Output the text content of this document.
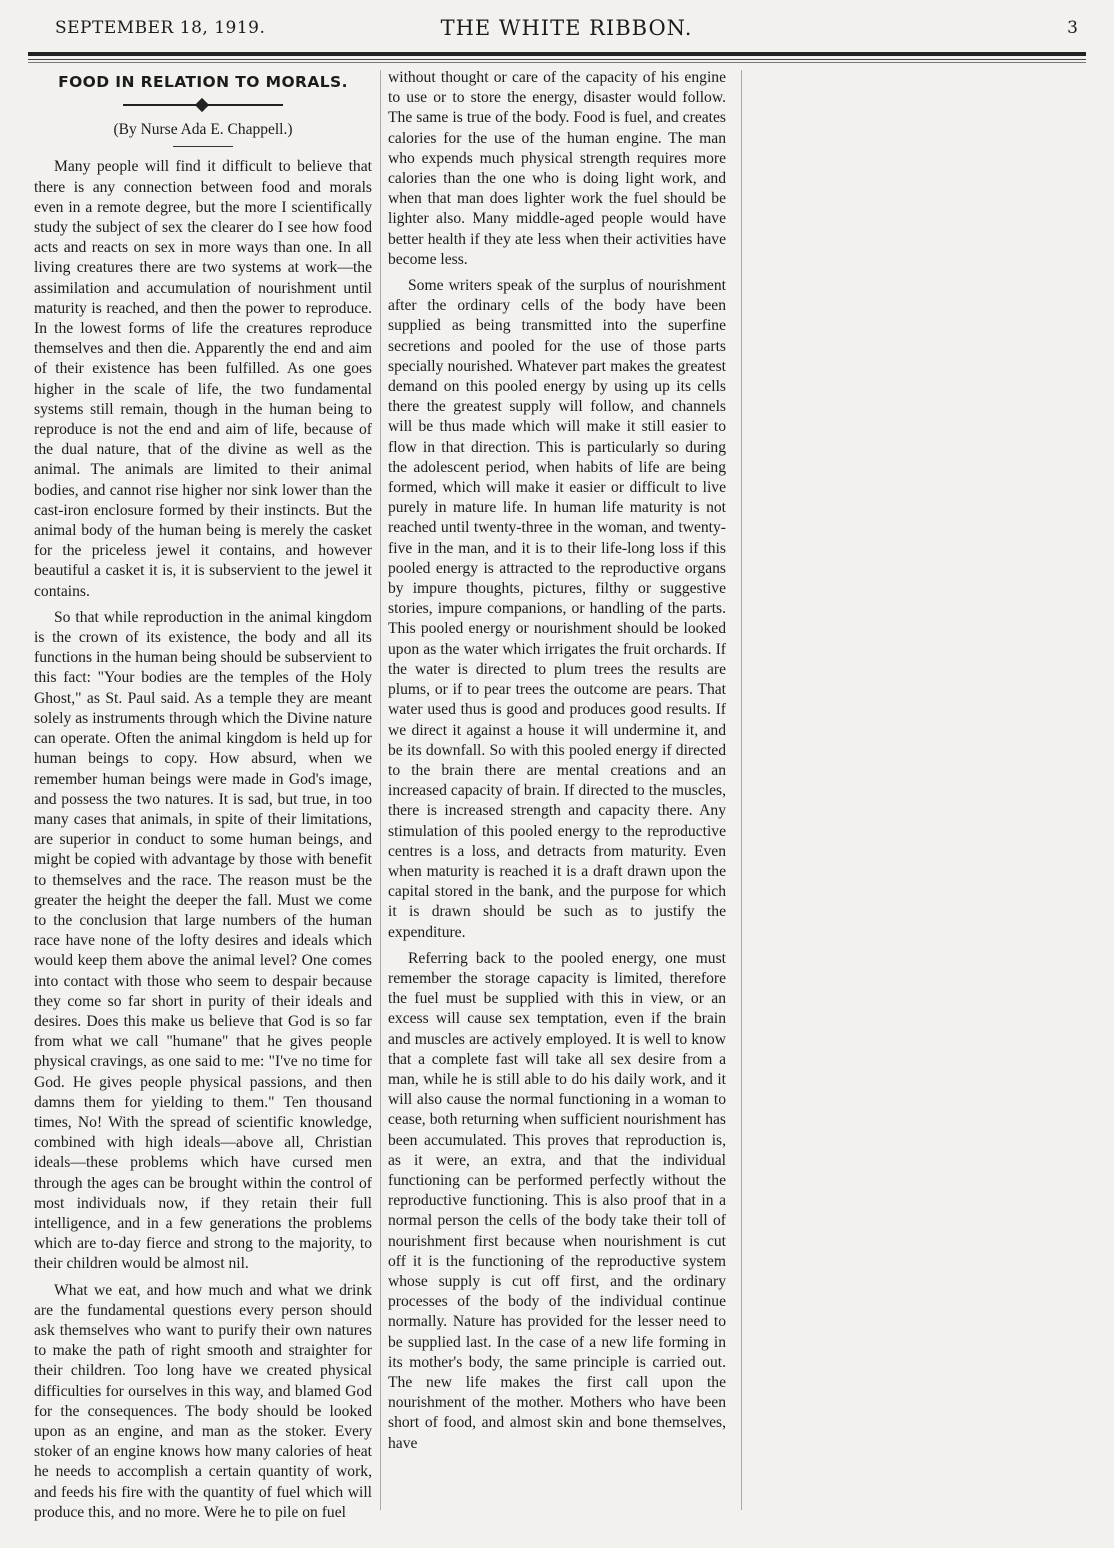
SEPTEMBER 18, 1919.	THE WHITE RIBBON.	3
FOOD IN RELATION TO MORALS.
(By Nurse Ada E. Chappell.)

Many people will find it difficult to believe that there is any connection between food and morals even in a remote degree, but the more I scientifically study the subject of sex the clearer do I see how food acts and reacts on sex in more ways than one. In all living creatures there are two systems at work—the assimilation and accumulation of nourishment until maturity is reached, and then the power to reproduce. In the lowest forms of life the creatures reproduce themselves and then die. Apparently the end and aim of their existence has been fulfilled. As one goes higher in the scale of life, the two fundamental systems still remain, though in the human being to reproduce is not the end and aim of life, because of the dual nature, that of the divine as well as the animal. The animals are limited to their animal bodies, and cannot rise higher nor sink lower than the cast-iron enclosure formed by their instincts. But the animal body of the human being is merely the casket for the priceless jewel it contains, and however beautiful a casket it is, it is subservient to the jewel it contains.

So that while reproduction in the animal kingdom is the crown of its existence, the body and all its functions in the human being should be subservient to this fact: "Your bodies are the temples of the Holy Ghost," as St. Paul said. As a temple they are meant solely as instruments through which the Divine nature can operate. Often the animal kingdom is held up for human beings to copy. How absurd, when we remember human beings were made in God's image, and possess the two natures. It is sad, but true, in too many cases that animals, in spite of their limitations, are superior in conduct to some human beings, and might be copied with advantage by those with benefit to themselves and the race. The reason must be the greater the height the deeper the fall. Must we come to the conclusion that large numbers of the human race have none of the lofty desires and ideals which would keep them above the animal level? One comes into contact with those who seem to despair because they come so far short in purity of their ideals and desires. Does this make us believe that God is so far from what we call "humane" that he gives people physical cravings, as one said to me: "I've no time for God. He gives people physical passions, and then damns them for yielding to them." Ten thousand times, No! With the spread of scientific knowledge, combined with high ideals—above all, Christian ideals—these problems which have cursed men through the ages can be brought within the control of most individuals now, if they retain their full intelligence, and in a few generations the problems which are to-day fierce and strong to the majority, to their children would be almost nil.

What we eat, and how much and what we drink are the fundamental questions every person should ask themselves who want to purify their own natures to make the path of right smooth and straighter for their children. Too long have we created physical difficulties for ourselves in this way, and blamed God for the consequences. The body should be looked upon as an engine, and man as the stoker. Every stoker of an engine knows how many calories of heat he needs to accomplish a certain quantity of work, and feeds his fire with the quantity of fuel which will produce this, and no more. Were he to pile on fuel

without thought or care of the capacity of his engine to use or to store the energy, disaster would follow. The same is true of the body. Food is fuel, and creates calories for the use of the human engine. The man who expends much physical strength requires more calories than the one who is doing light work, and when that man does lighter work the fuel should be lighter also. Many middle-aged people would have better health if they ate less when their activities have become less.

Some writers speak of the surplus of nourishment after the ordinary cells of the body have been supplied as being transmitted into the superfine secretions and pooled for the use of those parts specially nourished. Whatever part makes the greatest demand on this pooled energy by using up its cells there the greatest supply will follow, and channels will be thus made which will make it still easier to flow in that direction. This is particularly so during the adolescent period, when habits of life are being formed, which will make it easier or difficult to live purely in mature life. In human life maturity is not reached until twenty-three in the woman, and twenty-five in the man, and it is to their life-long loss if this pooled energy is attracted to the reproductive organs by impure thoughts, pictures, filthy or suggestive stories, impure companions, or handling of the parts. This pooled energy or nourishment should be looked upon as the water which irrigates the fruit orchards. If the water is directed to plum trees the results are plums, or if to pear trees the outcome are pears. That water used thus is good and produces good results. If we direct it against a house it will undermine it, and be its downfall. So with this pooled energy if directed to the brain there are mental creations and an increased capacity of brain. If directed to the muscles, there is increased strength and capacity there. Any stimulation of this pooled energy to the reproductive centres is a loss, and detracts from maturity. Even when maturity is reached it is a draft drawn upon the capital stored in the bank, and the purpose for which it is drawn should be such as to justify the expenditure.

Referring back to the pooled energy, one must remember the storage capacity is limited, therefore the fuel must be supplied with this in view, or an excess will cause sex temptation, even if the brain and muscles are actively employed. It is well to know that a complete fast will take all sex desire from a man, while he is still able to do his daily work, and it will also cause the normal functioning in a woman to cease, both returning when sufficient nourishment has been accumulated. This proves that reproduction is, as it were, an extra, and that the individual functioning can be performed perfectly without the reproductive functioning. This is also proof that in a normal person the cells of the body take their toll of nourishment first because when nourishment is cut off it is the functioning of the reproductive system whose supply is cut off first, and the ordinary processes of the body of the individual continue normally. Nature has provided for the lesser need to be supplied last. In the case of a new life forming in its mother's body, the same principle is carried out. The new life makes the first call upon the nourishment of the mother. Mothers who have been short of food, and almost skin and bone themselves, have
